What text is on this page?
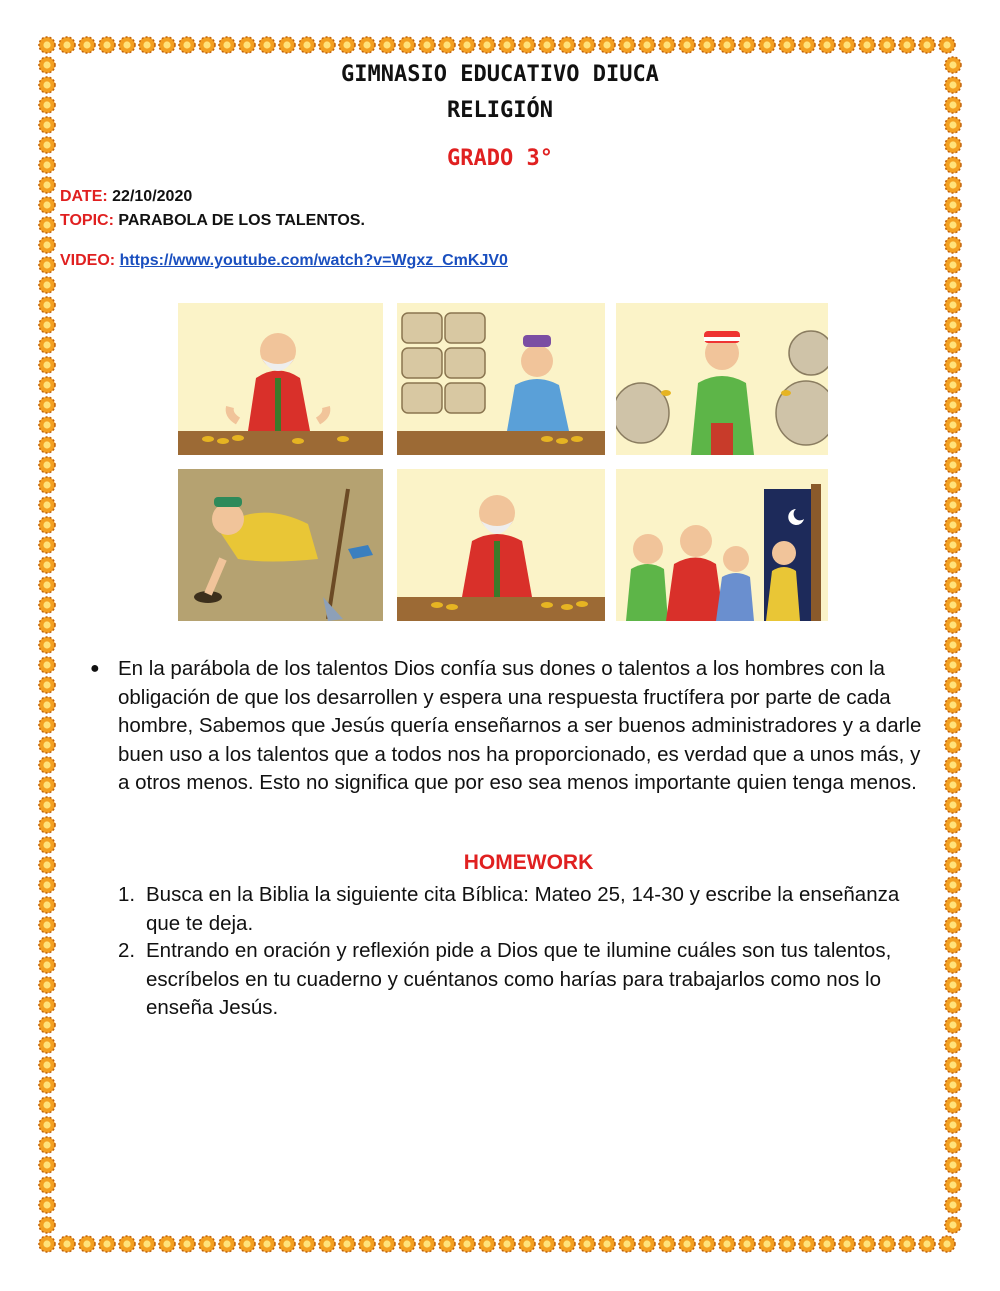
GIMNASIO EDUCATIVO DIUCA
RELIGIÓN
GRADO 3°
DATE: 22/10/2020
TOPIC: PARABOLA DE LOS TALENTOS.
VIDEO: https://www.youtube.com/watch?v=Wgxz_CmKJV0
● En la parábola de los talentos Dios confía sus dones o talentos a los hombres con la obligación de que los desarrollen y espera una respuesta fructífera por parte de cada hombre, Sabemos que Jesús quería enseñarnos a ser buenos administradores y a darle buen uso a los talentos que a todos nos ha proporcionado, es verdad que a unos más, y a otros menos. Esto no significa que por eso sea menos importante quien tenga menos.
HOMEWORK
1. Busca en la Biblia la siguiente cita Bíblica: Mateo 25, 14-30 y escribe la enseñanza que te deja.
2. Entrando en oración y reflexión pide a Dios que te ilumine cuáles son tus talentos, escríbelos en tu cuaderno y cuéntanos como harías para trabajarlos como nos lo enseña Jesús.
